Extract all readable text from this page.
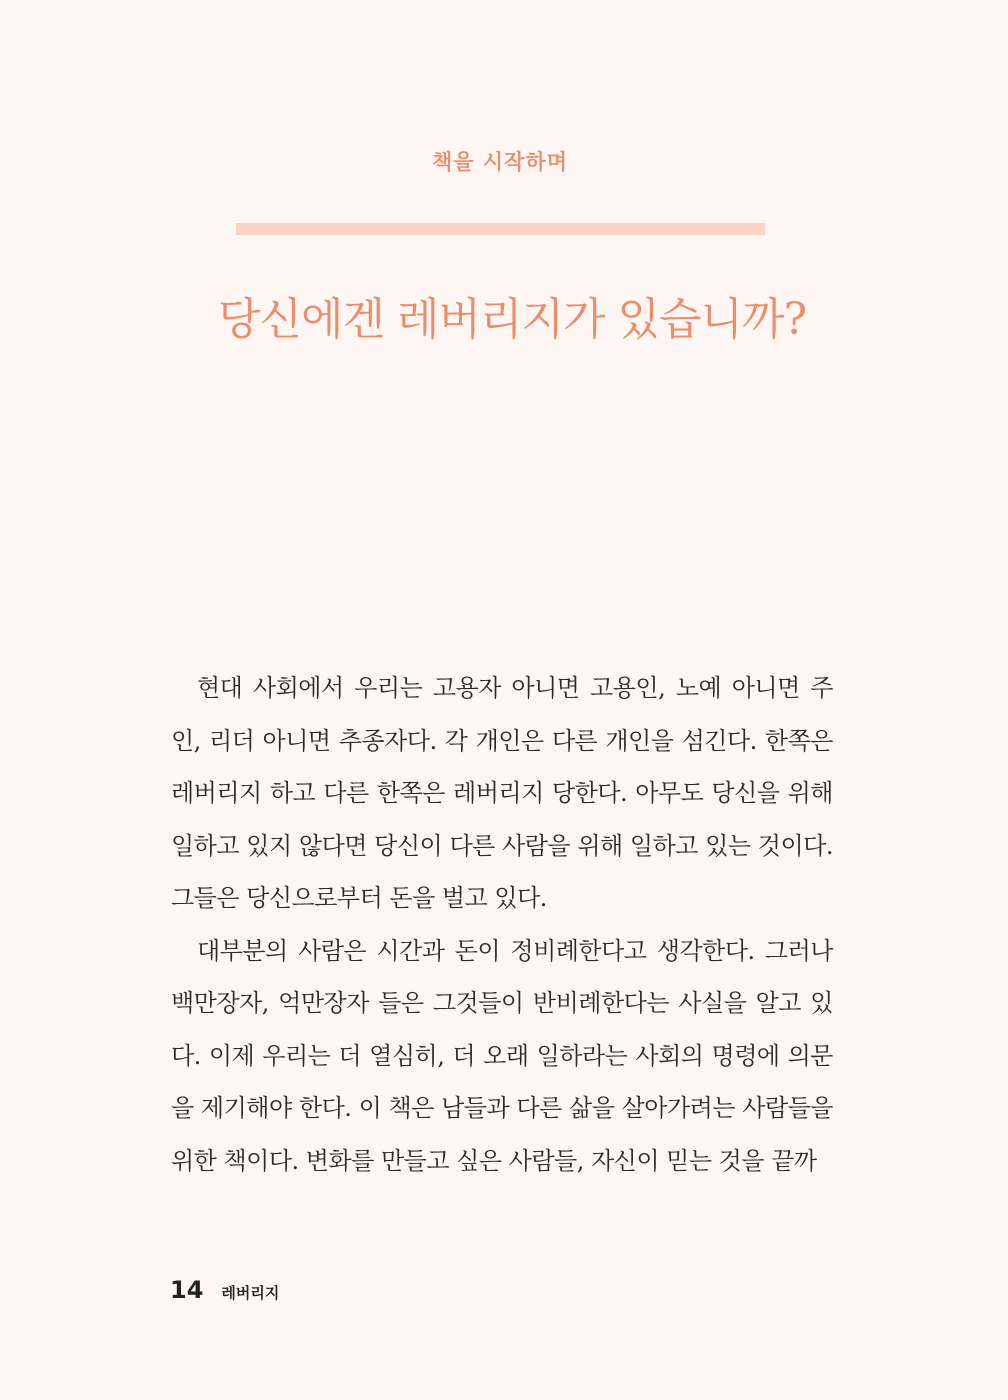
책을 시작하며
당신에겐 레버리지가 있습니까?

현대 사회에서 우리는 고용자 아니면 고용인, 노예 아니면 주인, 리더 아니면 추종자다. 각 개인은 다른 개인을 섬긴다. 한쪽은 레버리지 하고 다른 한쪽은 레버리지 당한다. 아무도 당신을 위해 일하고 있지 않다면 당신이 다른 사람을 위해 일하고 있는 것이다. 그들은 당신으로부터 돈을 벌고 있다.

대부분의 사람은 시간과 돈이 정비례한다고 생각한다. 그러나 백만장자, 억만장자 들은 그것들이 반비례한다는 사실을 알고 있다. 이제 우리는 더 열심히, 더 오래 일하라는 사회의 명령에 의문을 제기해야 한다. 이 책은 남들과 다른 삶을 살아가려는 사람들을 위한 책이다. 변화를 만들고 싶은 사람들, 자신이 믿는 것을 끝까

14 레버리지
